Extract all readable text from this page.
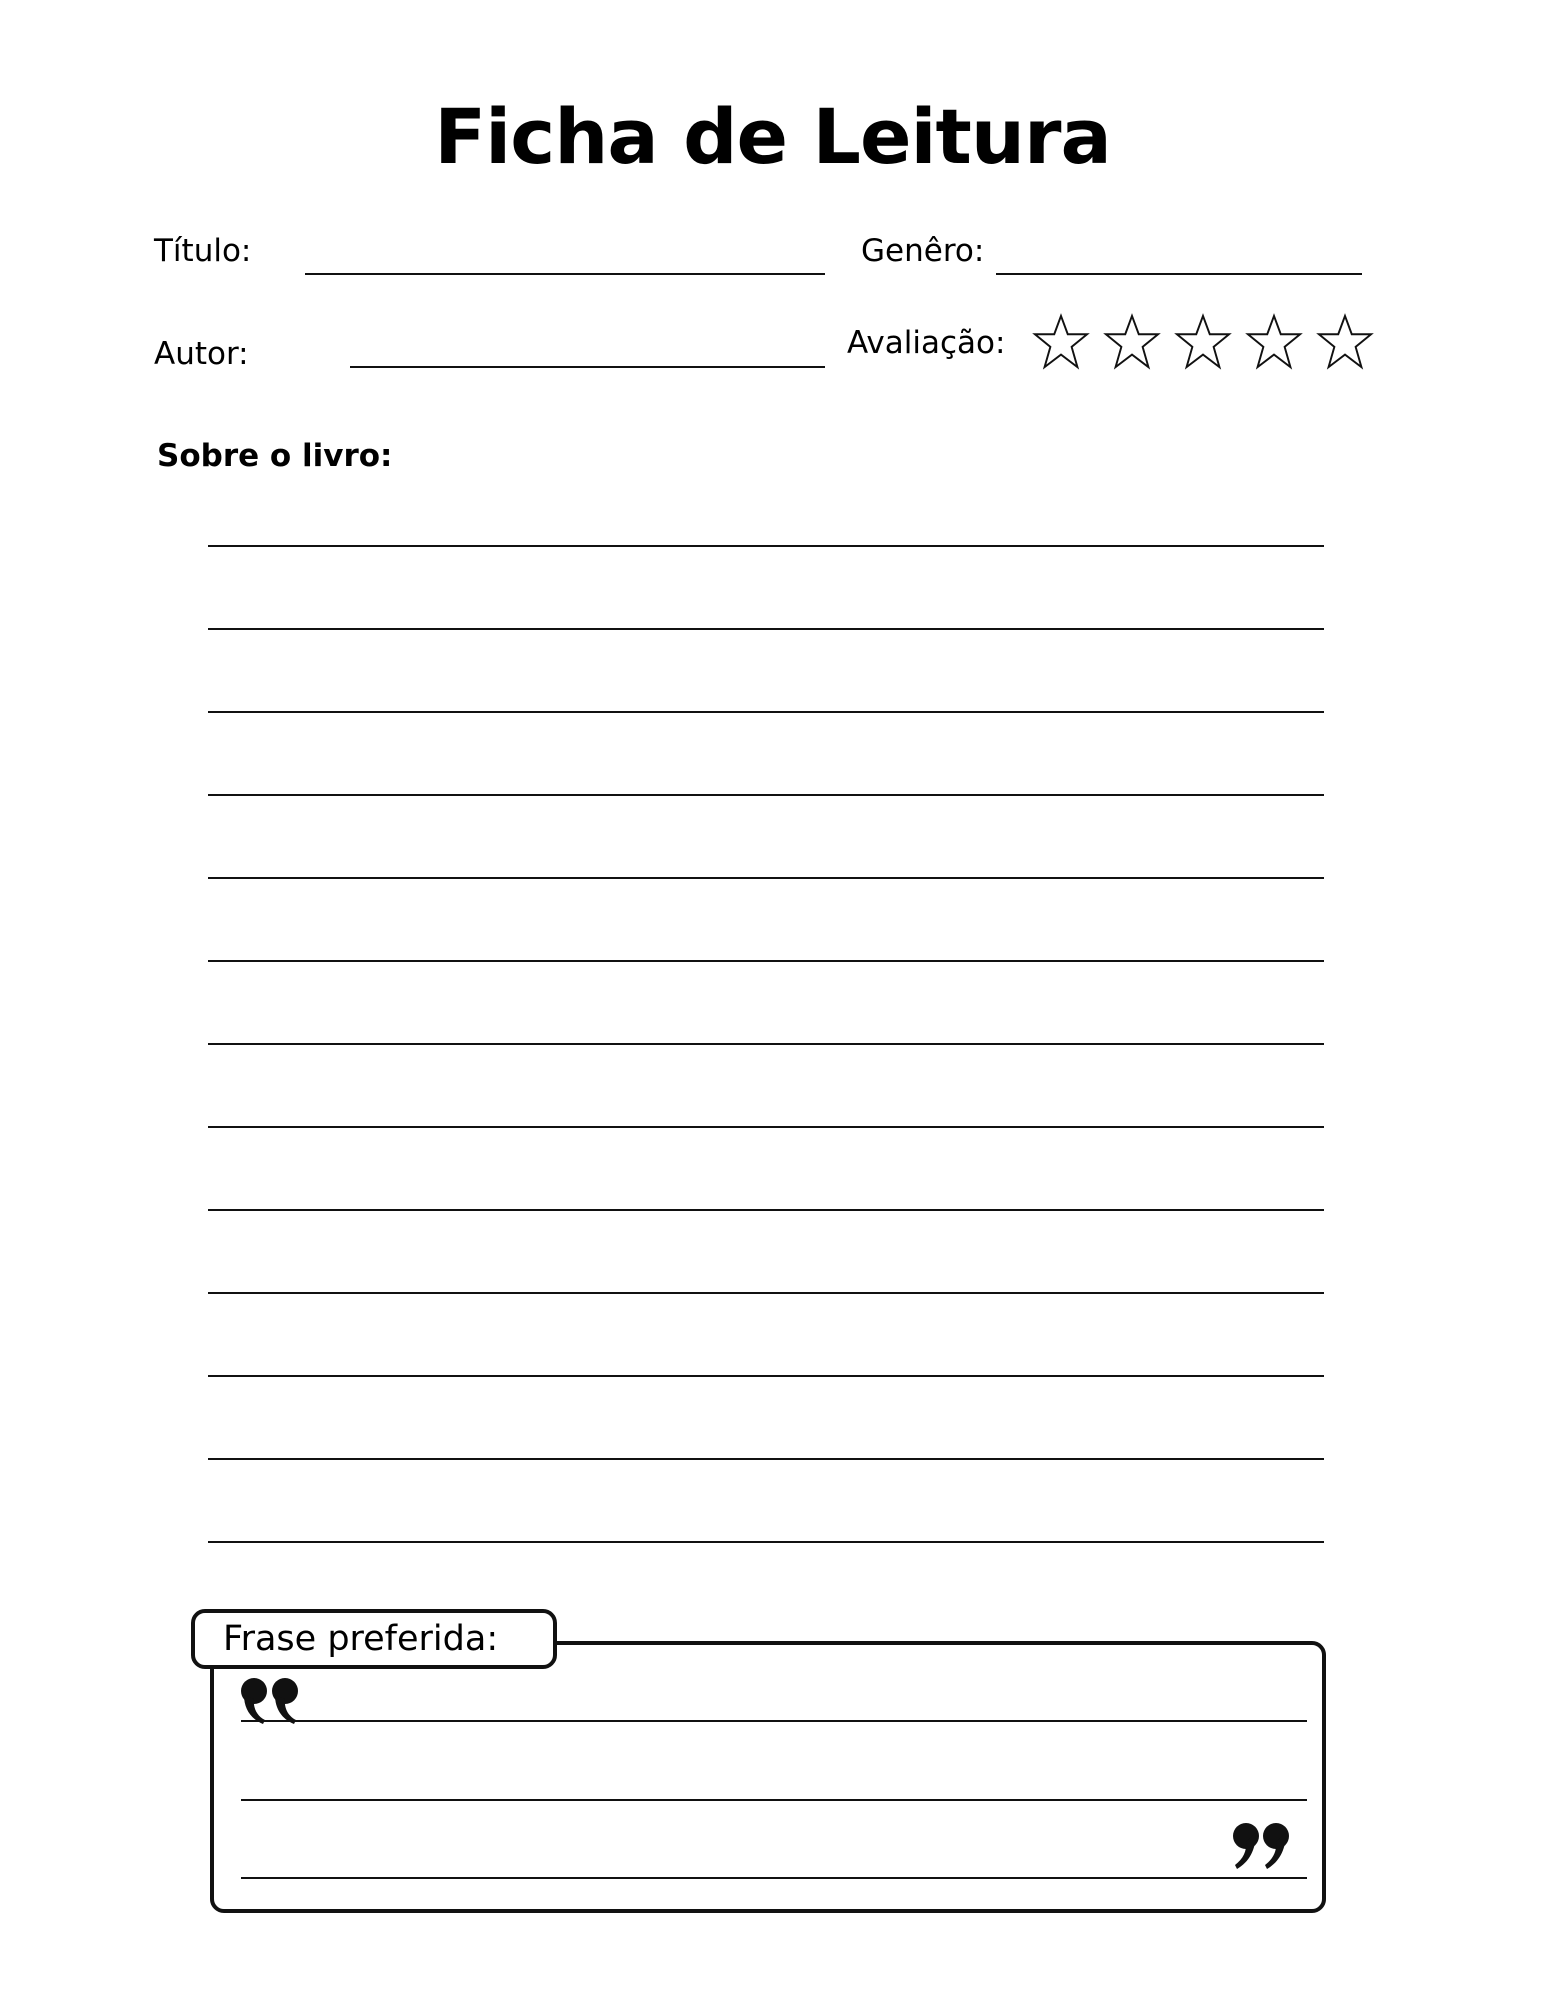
Ficha de Leitura
Título:	Genêro:
Autor:	Avaliação:
Sobre o livro:
Frase preferida:
